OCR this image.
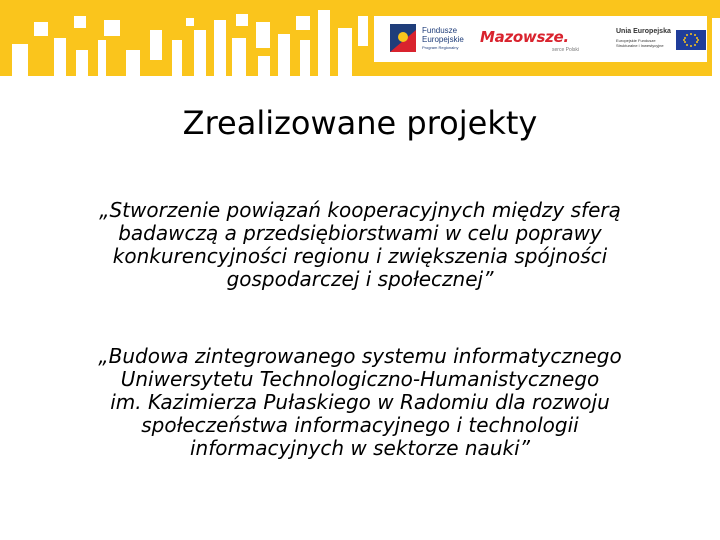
Fundusze
Europejskie
Program Regionalny
Mazowsze.
serce Polski
Unia Europejska
Europejskie Fundusze
Strukturalne i Inwestycyjne
Zrealizowane projekty

„Stworzenie powiązań kooperacyjnych między sferą
badawczą a przedsiębiorstwami w celu poprawy
konkurencyjności regionu i zwiększenia spójności
gospodarczej i społecznej”

„Budowa zintegrowanego systemu informatycznego
Uniwersytetu Technologiczno-Humanistycznego
im. Kazimierza Pułaskiego w Radomiu dla rozwoju
społeczeństwa informacyjnego i technologii
informacyjnych w sektorze nauki”
